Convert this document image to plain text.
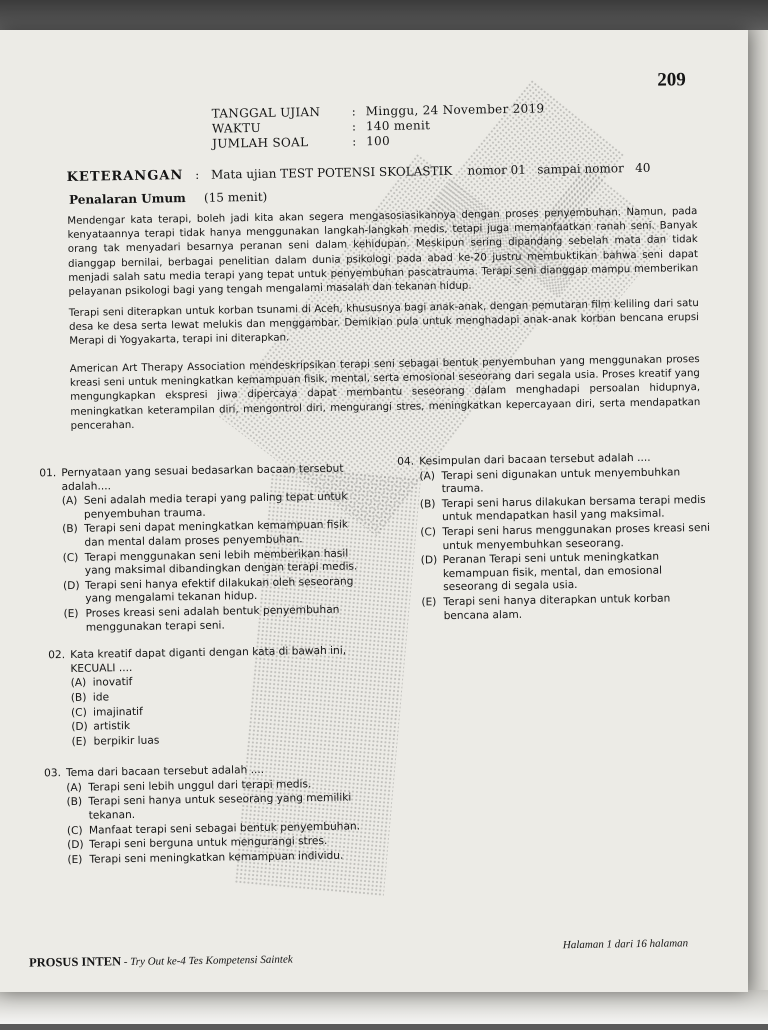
209
TANGGAL UJIAN	: Minggu, 24 November 2019
WAKTU	: 140 menit
JUMLAH SOAL	: 100
KETERANGAN : Mata ujian TEST POTENSI SKOLASTIK    nomor 01   sampai nomor   40
Penalaran Umum (15 menit)
Mendengar kata terapi, boleh jadi kita akan segera mengasosiasikannya dengan proses penyembuhan. Namun, pada kenyataannya terapi tidak hanya menggunakan langkah-langkah medis, tetapi juga memanfaatkan ranah seni. Banyak orang tak menyadari besarnya peranan seni dalam kehidupan. Meskipun sering dipandang sebelah mata dan tidak dianggap bernilai, berbagai penelitian dalam dunia psikologi pada abad ke-20 justru membuktikan bahwa seni dapat menjadi salah satu media terapi yang tepat untuk penyembuhan pascatrauma. Terapi seni dianggap mampu memberikan pelayanan psikologi bagi yang tengah mengalami masalah dan tekanan hidup.
Terapi seni diterapkan untuk korban tsunami di Aceh, khususnya bagi anak-anak, dengan pemutaran film keliling dari satu desa ke desa serta lewat melukis dan menggambar. Demikian pula untuk menghadapi anak-anak korban bencana erupsi Merapi di Yogyakarta, terapi ini diterapkan.
American Art Therapy Association mendeskripsikan terapi seni sebagai bentuk penyembuhan yang menggunakan proses kreasi seni untuk meningkatkan kemampuan fisik, mental, serta emosional seseorang dari segala usia. Proses kreatif yang mengungkapkan ekspresi jiwa dipercaya dapat membantu seseorang dalam menghadapi persoalan hidupnya, meningkatkan keterampilan diri, mengontrol diri, mengurangi stres, meningkatkan kepercayaan diri, serta mendapatkan pencerahan.
01. Pernyataan yang sesuai bedasarkan bacaan tersebut adalah....
(A) Seni adalah media terapi yang paling tepat untuk penyembuhan trauma.
(B) Terapi seni dapat meningkatkan kemampuan fisik dan mental dalam proses penyembuhan.
(C) Terapi menggunakan seni lebih memberikan hasil yang maksimal dibandingkan dengan terapi medis.
(D) Terapi seni hanya efektif dilakukan oleh seseorang yang mengalami tekanan hidup.
(E) Proses kreasi seni adalah bentuk penyembuhan menggunakan terapi seni.
02. Kata kreatif dapat diganti dengan kata di bawah ini, KECUALI ....
(A) inovatif
(B) ide
(C) imajinatif
(D) artistik
(E) berpikir luas
03. Tema dari bacaan tersebut adalah ....
(A) Terapi seni lebih unggul dari terapi medis.
(B) Terapi seni hanya untuk seseorang yang memiliki tekanan.
(C) Manfaat terapi seni sebagai bentuk penyembuhan.
(D) Terapi seni berguna untuk mengurangi stres.
(E) Terapi seni meningkatkan kemampuan individu.
04. Kesimpulan dari bacaan tersebut adalah ....
(A) Terapi seni digunakan untuk menyembuhkan trauma.
(B) Terapi seni harus dilakukan bersama terapi medis untuk mendapatkan hasil yang maksimal.
(C) Terapi seni harus menggunakan proses kreasi seni untuk menyembuhkan seseorang.
(D) Peranan Terapi seni untuk meningkatkan kemampuan fisik, mental, dan emosional seseorang di segala usia.
(E) Terapi seni hanya diterapkan untuk korban bencana alam.
PROSUS INTEN - Try Out ke-4 Tes Kompetensi Saintek
Halaman 1 dari 16 halaman
